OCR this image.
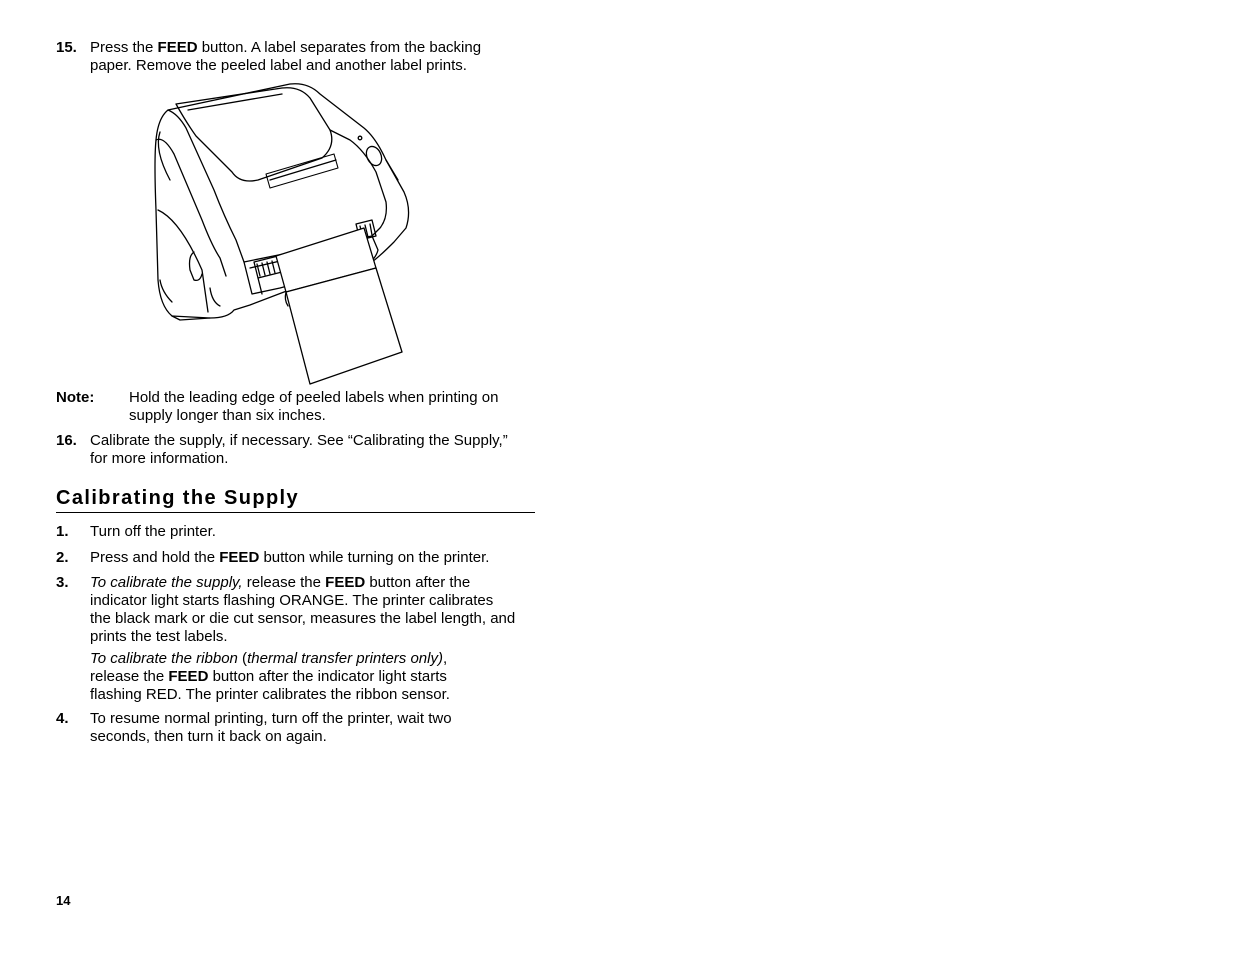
15. Press the FEED button. A label separates from the backing
paper. Remove the peeled label and another label prints.
Note: Hold the leading edge of peeled labels when printing on
supply longer than six inches.
16. Calibrate the supply, if necessary. See “Calibrating the Supply,”
for more information.
Calibrating the Supply
1. Turn off the printer.
2. Press and hold the FEED button while turning on the printer.
3. To calibrate the supply, release the FEED button after the
indicator light starts flashing ORANGE. The printer calibrates
the black mark or die cut sensor, measures the label length, and
prints the test labels.
To calibrate the ribbon (thermal transfer printers only),
release the FEED button after the indicator light starts
flashing RED. The printer calibrates the ribbon sensor.
4. To resume normal printing, turn off the printer, wait two
seconds, then turn it back on again.
14
